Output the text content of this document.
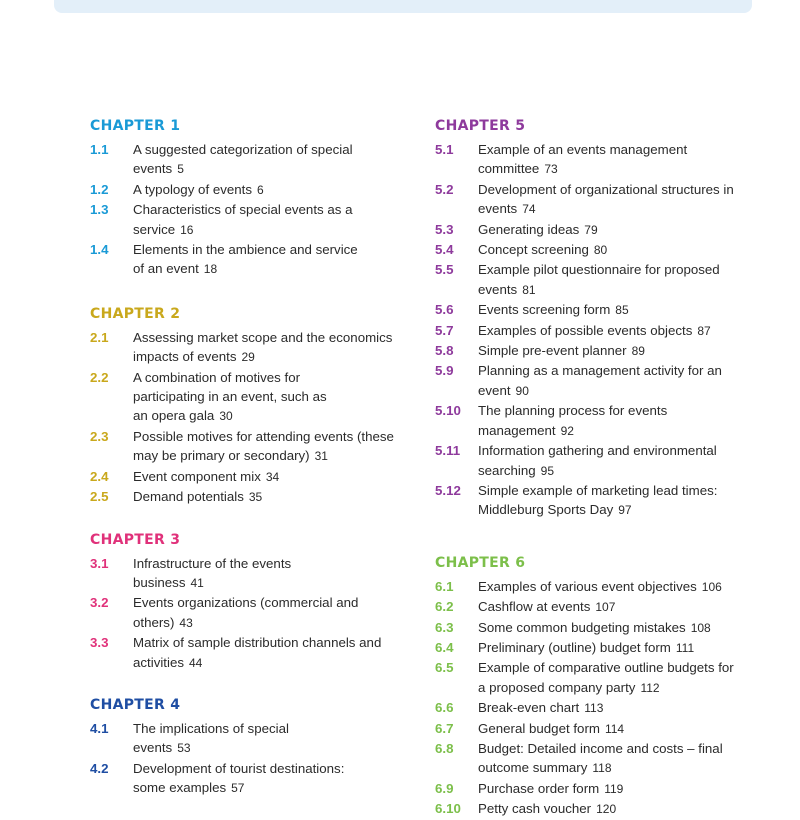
CHAPTER 1
1.1	A suggested categorization of special
events 5
1.2	A typology of events 6
1.3	Characteristics of special events as a
service 16
1.4	Elements in the ambience and service
of an event 18
CHAPTER 2
2.1	Assessing market scope and the economics
impacts of events 29
2.2	A combination of motives for
participating in an event, such as
an opera gala 30
2.3	Possible motives for attending events (these
may be primary or secondary) 31
2.4	Event component mix 34
2.5	Demand potentials 35
CHAPTER 3
3.1	Infrastructure of the events
business 41
3.2	Events organizations (commercial and
others) 43
3.3	Matrix of sample distribution channels and
activities 44
CHAPTER 4
4.1	The implications of special
events 53
4.2	Development of tourist destinations:
some examples 57
CHAPTER 5
5.1	Example of an events management
committee 73
5.2	Development of organizational structures in
events 74
5.3	Generating ideas 79
5.4	Concept screening 80
5.5	Example pilot questionnaire for proposed
events 81
5.6	Events screening form 85
5.7	Examples of possible events objects 87
5.8	Simple pre-event planner 89
5.9	Planning as a management activity for an
event 90
5.10	The planning process for events
management 92
5.11	Information gathering and environmental
searching 95
5.12	Simple example of marketing lead times:
Middleburg Sports Day 97
CHAPTER 6
6.1	Examples of various event objectives 106
6.2	Cashflow at events 107
6.3	Some common budgeting mistakes 108
6.4	Preliminary (outline) budget form 111
6.5	Example of comparative outline budgets for
a proposed company party 112
6.6	Break-even chart 113
6.7	General budget form 114
6.8	Budget: Detailed income and costs – final
outcome summary 118
6.9	Purchase order form 119
6.10	Petty cash voucher 120
